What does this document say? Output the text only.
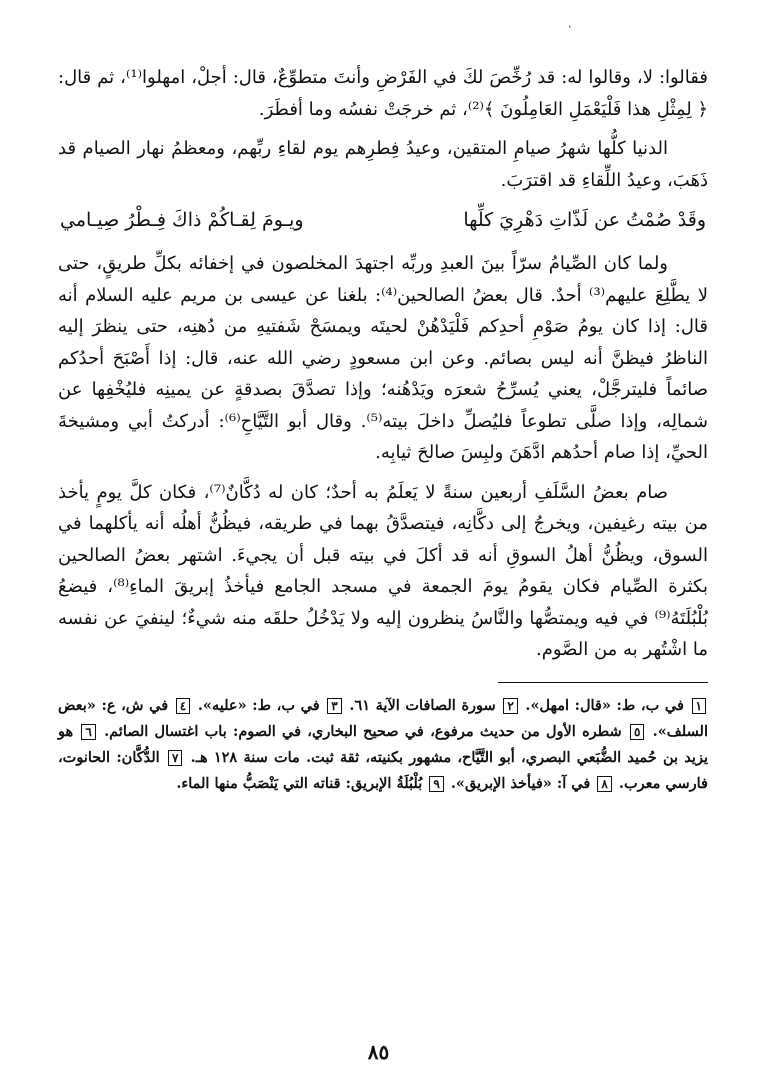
فقالوا: لا، وقالوا له: قد رُخِّصَ لكَ في الفَرْضِ وأنتَ متطوِّعٌ، قال: أجلْ، امهلوا⁽¹⁾، ثم قال: ﴿ لِمِثْلِ هذا فَلْيَعْمَلِ العَامِلُونَ ﴾⁽²⁾، ثم خرجَتْ نفسُه وما أفطَرَ.

الدنيا كلُّها شهرُ صيامِ المتقين، وعيدُ فِطرِهم يوم لقاءِ ربِّهم، ومعظمُ نهار الصيام قد ذَهَبَ، وعيدُ اللِّقاءِ قد اقترَبَ.

وقَدْ صُمْتُ عن لَذّاتِ دَهْرِيَ كلِّها
ويـومَ لِقـاكُمْ ذاكَ فِـطْرُ صِيـامي

ولما كان الصِّيامُ سرّاً بينَ العبدِ وربِّه اجتهدَ المخلصون في إخفائه بكلِّ طريقٍ، حتى لا يطَّلِعَ عليهم⁽³⁾ أحدٌ. قال بعضُ الصالحين⁽⁴⁾: بلغنا عن عيسى بن مريم عليه السلام أنه قال: إذا كان يومُ صَوْمِ أحدِكم فَلْيَدْهُنْ لحيتَه ويمسَحْ شَفتيهِ من دُهنِه، حتى ينظرَ إليه الناظرُ فيظنَّ أنه ليس بصائم. وعن ابن مسعودٍ رضي الله عنه، قال: إذا أَصْبَحَ أحدُكم صائماً فليترجَّلْ، يعني يُسرِّحُ شعرَه ويَدْهُنه؛ وإذا تصدَّقَ بصدقةٍ عن يمينِه فليُخْفِها عن شمالِه، وإذا صلَّى تطوعاً فليُصلِّ داخلَ بيته⁽⁵⁾. وقال أبو التَّيَّاحِ⁽⁶⁾: أدركتُ أبي ومشيخةَ الحيِّ، إذا صام أحدُهم ادَّهَنَ ولبِسَ صالحَ ثيابِه.

صام بعضُ السَّلَفِ أربعين سنةً لا يَعلَمُ به أحدٌ؛ كان له دُكَّانٌ⁽⁷⁾، فكان كلَّ يومٍ يأخذ من بيته رغيفين، ويخرجُ إلى دكَّانِه، فيتصدَّقُ بهما في طريقه، فيظُنُّ أهلُه أنه يأكلهما في السوق، ويظُنُّ أهلُ السوقِ أنه قد أكلَ في بيته قبل أن يجيءَ. اشتهر بعضُ الصالحين بكثرة الصِّيام فكان يقومُ يومَ الجمعة في مسجد الجامع فيأخذُ إبريقَ الماءِ⁽⁸⁾، فيضعُ بُلْبُلَتَهُ⁽⁹⁾ في فيه ويمتصُّها والنَّاسُ ينظرون إليه ولا يَدْخُلُ حلقَه منه شيءٌ؛ لينفيَ عن نفسه ما اشْتُهر به من الصَّوم.

١ في ب، ط: «قال: امهل». ٢ سورة الصافات الآية ٦١. ٣ في ب، ط: «عليه». ٤ في ش، ع: «بعض السلف». ٥ شطره الأول من حديث مرفوع، في صحيح البخاري، في الصوم: باب اغتسال الصائم. ٦ هو يزيد بن حُميد الضُّبَعي البصري، أبو التَّيَّاح، مشهور بكنيته، ثقة ثبت. مات سنة ١٢٨ هـ. ٧ الدُّكَّان: الحانوت، فارسي معرب. ٨ في آ: «فيأخذ الإبريق». ٩ بُلْبُلَةُ الإبريق: قناته التي يَنْصَبُّ منها الماء.
٨٥
